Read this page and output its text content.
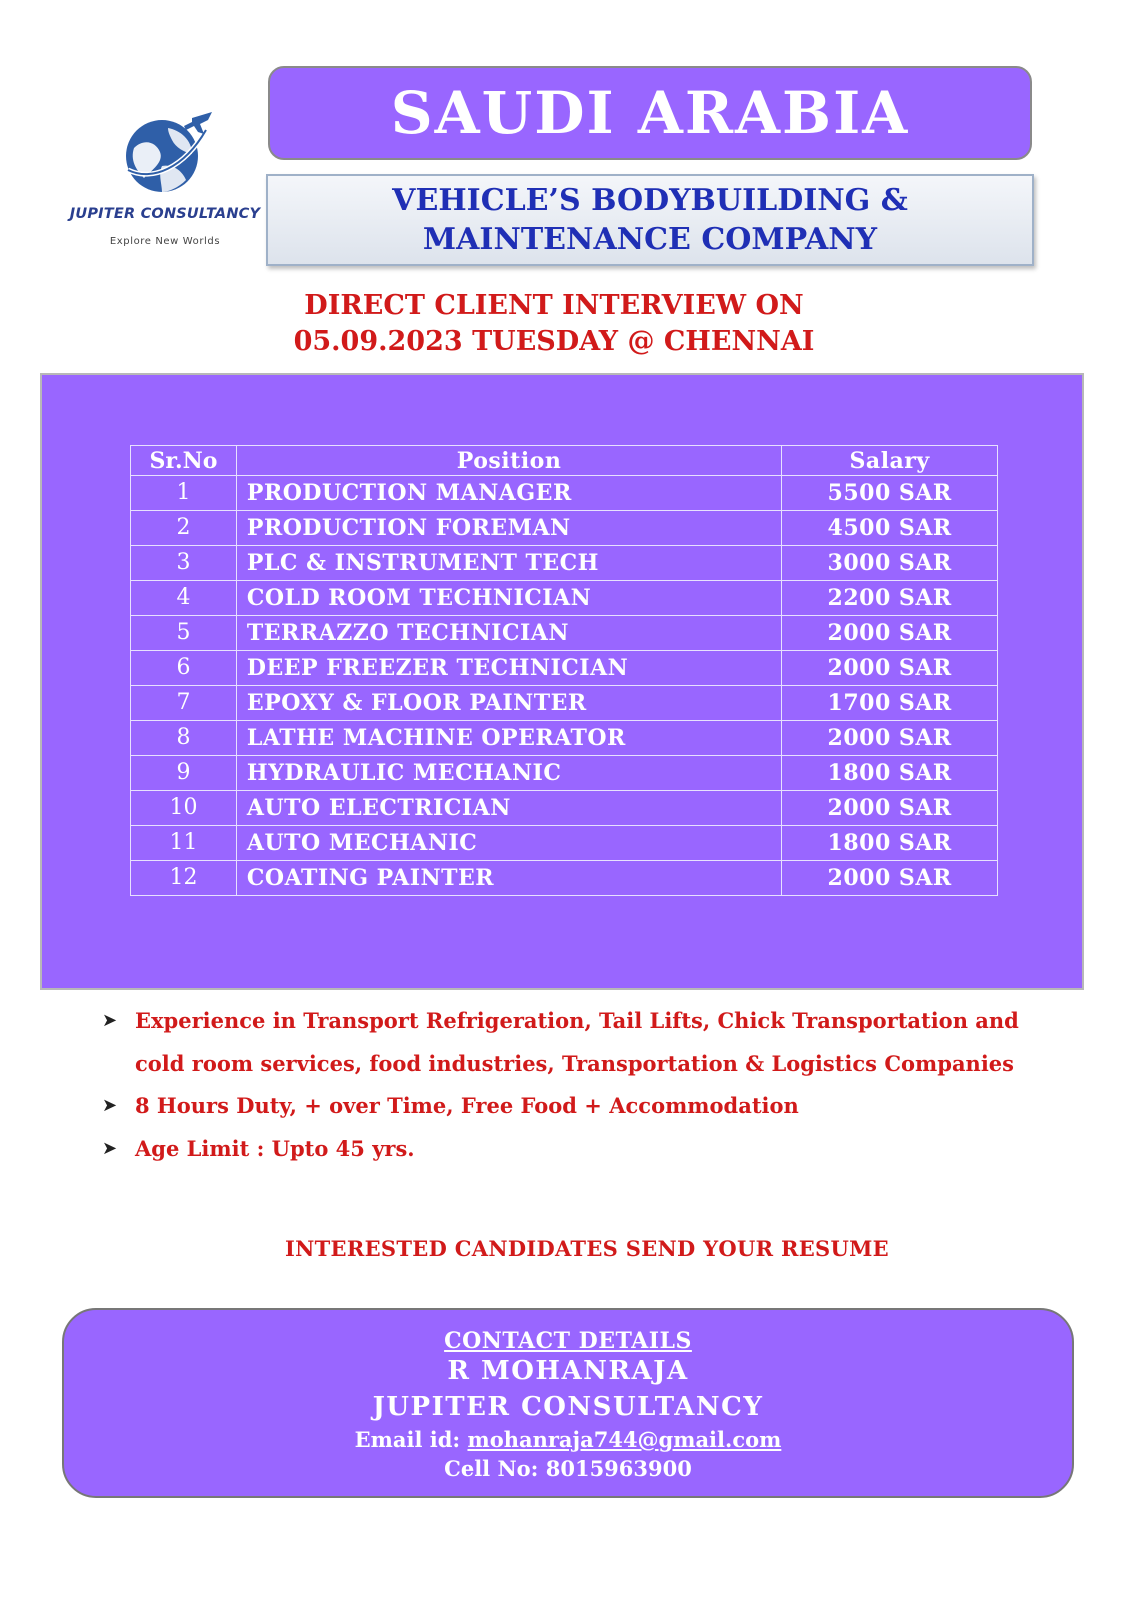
JUPITER CONSULTANCY
Explore New Worlds
SAUDI ARABIA
VEHICLE’S BODYBUILDING &
MAINTENANCE COMPANY
DIRECT CLIENT INTERVIEW ON
05.09.2023 TUESDAY @ CHENNAI
Sr.No	Position	Salary
1	PRODUCTION MANAGER	5500 SAR
2	PRODUCTION FOREMAN	4500 SAR
3	PLC & INSTRUMENT TECH	3000 SAR
4	COLD ROOM TECHNICIAN	2200 SAR
5	TERRAZZO TECHNICIAN	2000 SAR
6	DEEP FREEZER TECHNICIAN	2000 SAR
7	EPOXY & FLOOR PAINTER	1700 SAR
8	LATHE MACHINE OPERATOR	2000 SAR
9	HYDRAULIC MECHANIC	1800 SAR
10	AUTO ELECTRICIAN	2000 SAR
11	AUTO MECHANIC	1800 SAR
12	COATING PAINTER	2000 SAR
➤ Experience in Transport Refrigeration, Tail Lifts, Chick Transportation and cold room services, food industries, Transportation & Logistics Companies
➤ 8 Hours Duty, + over Time, Free Food + Accommodation
➤ Age Limit : Upto 45 yrs.
INTERESTED CANDIDATES SEND YOUR RESUME
CONTACT DETAILS
R MOHANRAJA
JUPITER CONSULTANCY
Email id: mohanraja744@gmail.com
Cell No: 8015963900
